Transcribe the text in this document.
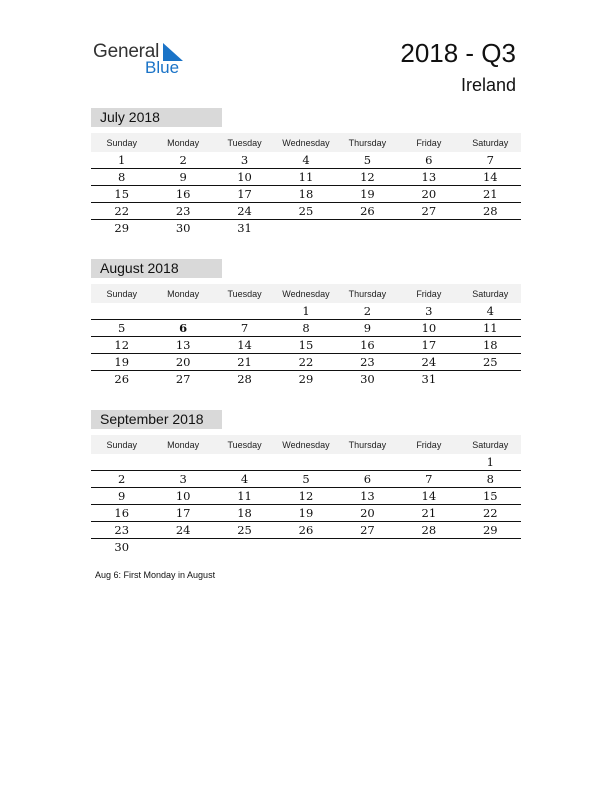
General
Blue	2018 - Q3
Ireland
July 2018
Sunday	Monday	Tuesday	Wednesday	Thursday	Friday	Saturday
1	2	3	4	5	6	7
8	9	10	11	12	13	14
15	16	17	18	19	20	21
22	23	24	25	26	27	28
29	30	31				
August 2018
Sunday	Monday	Tuesday	Wednesday	Thursday	Friday	Saturday
			1	2	3	4
5	6	7	8	9	10	11
12	13	14	15	16	17	18
19	20	21	22	23	24	25
26	27	28	29	30	31	
September 2018
Sunday	Monday	Tuesday	Wednesday	Thursday	Friday	Saturday
						1
2	3	4	5	6	7	8
9	10	11	12	13	14	15
16	17	18	19	20	21	22
23	24	25	26	27	28	29
30						
Aug 6: First Monday in August
